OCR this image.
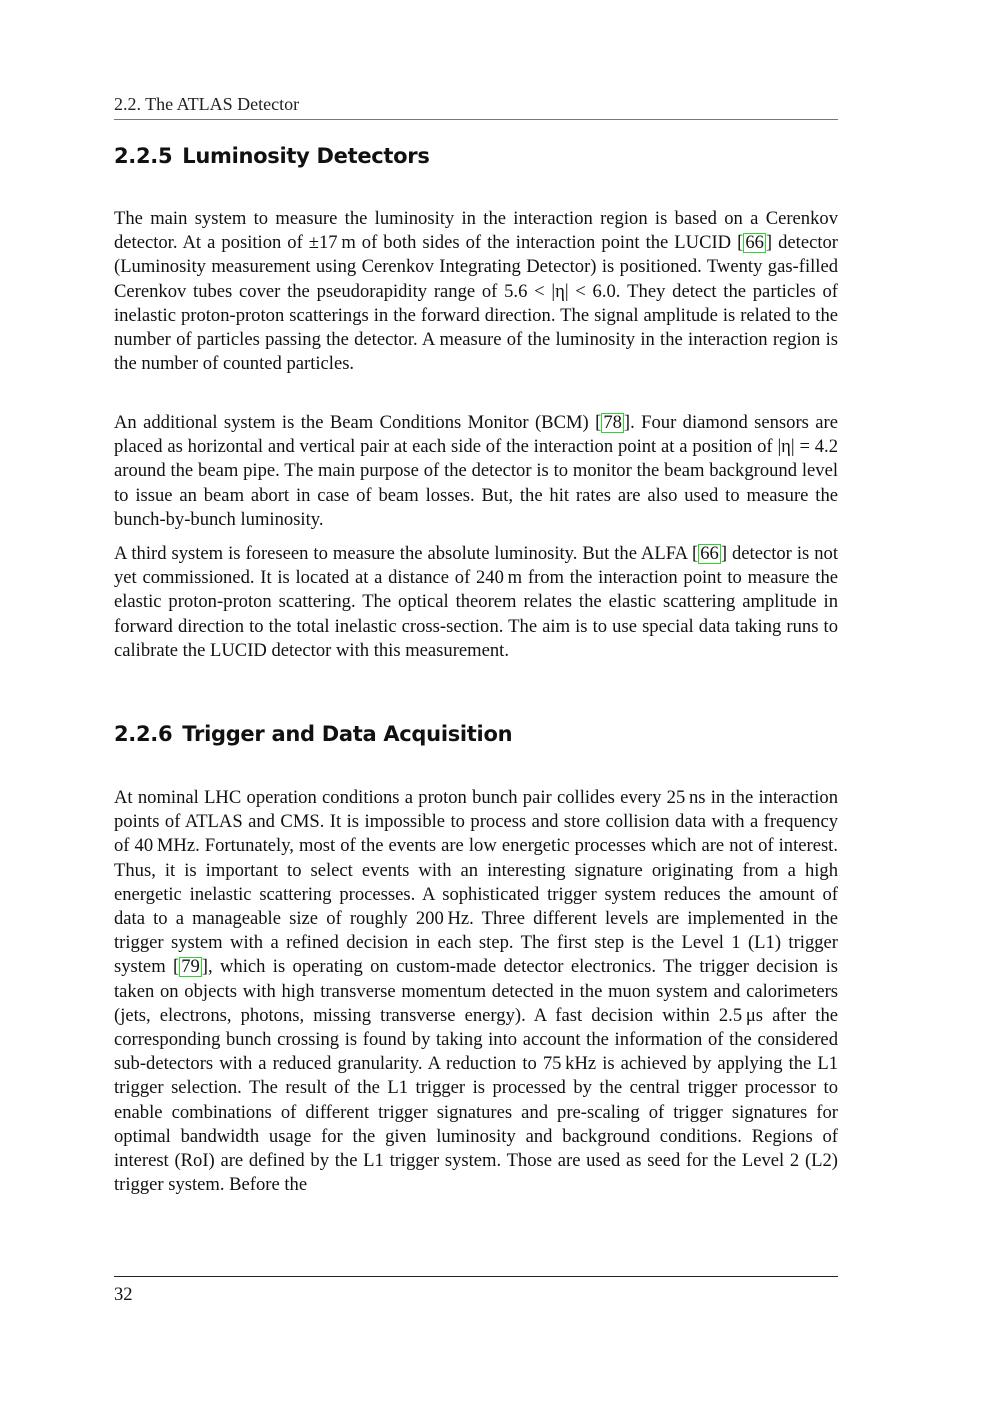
2.2. The ATLAS Detector
2.2.5 Luminosity Detectors

The main system to measure the luminosity in the interaction region is based on a Cerenkov detector. At a position of ±17 m of both sides of the interaction point the LUCID [ 66 ] detector (Luminosity measurement using Cerenkov Integrating Detector) is positioned. Twenty gas-filled Cerenkov tubes cover the pseudorapidity range of 5.6 < |η| < 6.0. They detect the particles of inelastic proton-proton scatterings in the forward direction. The signal amplitude is related to the number of particles passing the detector. A measure of the luminosity in the interaction region is the number of counted particles.

An additional system is the Beam Conditions Monitor (BCM) [ 78 ]. Four diamond sensors are placed as horizontal and vertical pair at each side of the interaction point at a position of |η| = 4.2 around the beam pipe. The main purpose of the detector is to monitor the beam background level to issue an beam abort in case of beam losses. But, the hit rates are also used to measure the bunch-by-bunch luminosity.

A third system is foreseen to measure the absolute luminosity. But the ALFA [ 66 ] detector is not yet commissioned. It is located at a distance of 240 m from the interaction point to measure the elastic proton-proton scattering. The optical theorem relates the elastic scattering amplitude in forward direction to the total inelastic cross-section. The aim is to use special data taking runs to calibrate the LUCID detector with this measurement.

2.2.6 Trigger and Data Acquisition

At nominal LHC operation conditions a proton bunch pair collides every 25 ns in the interaction points of ATLAS and CMS. It is impossible to process and store collision data with a frequency of 40 MHz. Fortunately, most of the events are low energetic processes which are not of interest. Thus, it is important to select events with an interesting signature originating from a high energetic inelastic scattering processes. A sophisticated trigger system reduces the amount of data to a manageable size of roughly 200 Hz. Three different levels are implemented in the trigger system with a refined decision in each step. The first step is the Level 1 (L1) trigger system [ 79 ], which is operating on custom-made detector electronics. The trigger decision is taken on objects with high transverse momentum detected in the muon system and calorimeters (jets, electrons, photons, missing transverse energy). A fast decision within 2.5 μs after the corresponding bunch crossing is found by taking into account the information of the considered sub-detectors with a reduced granularity. A reduction to 75 kHz is achieved by applying the L1 trigger selection. The result of the L1 trigger is processed by the central trigger processor to enable combinations of different trigger signatures and pre-scaling of trigger signatures for optimal bandwidth usage for the given luminosity and background conditions. Regions of interest (RoI) are defined by the L1 trigger system. Those are used as seed for the Level 2 (L2) trigger system. Before the

32
